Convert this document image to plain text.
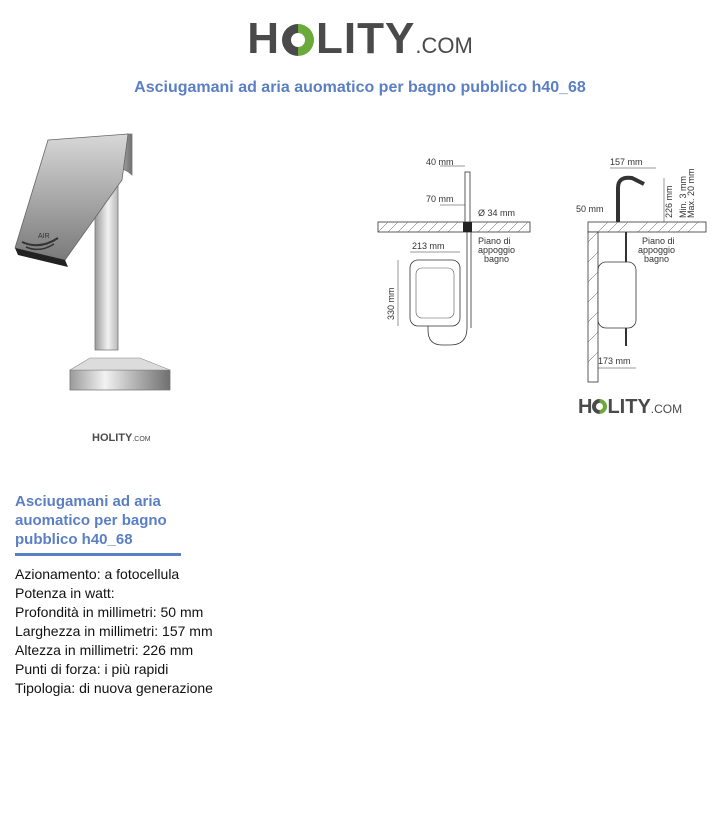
H LITY.COM
Asciugamani ad aria auomatico per bagno pubblico h40_68
AIR
HOLITY.COM
40 mm
70 mm
Ø 34 mm
213 mm
330 mm
Piano di
appoggio
bagno
157 mm
50 mm	226 mm Min. 3 mm
Max. 20 mm
Piano di
appoggio
bagno
173 mm
H LITY.COM
Asciugamani ad aria auomatico per bagno pubblico h40_68
Azionamento: a fotocellula
Potenza in watt:
Profondità in millimetri: 50 mm
Larghezza in millimetri: 157 mm
Altezza in millimetri: 226 mm
Punti di forza: i più rapidi
Tipologia: di nuova generazione
